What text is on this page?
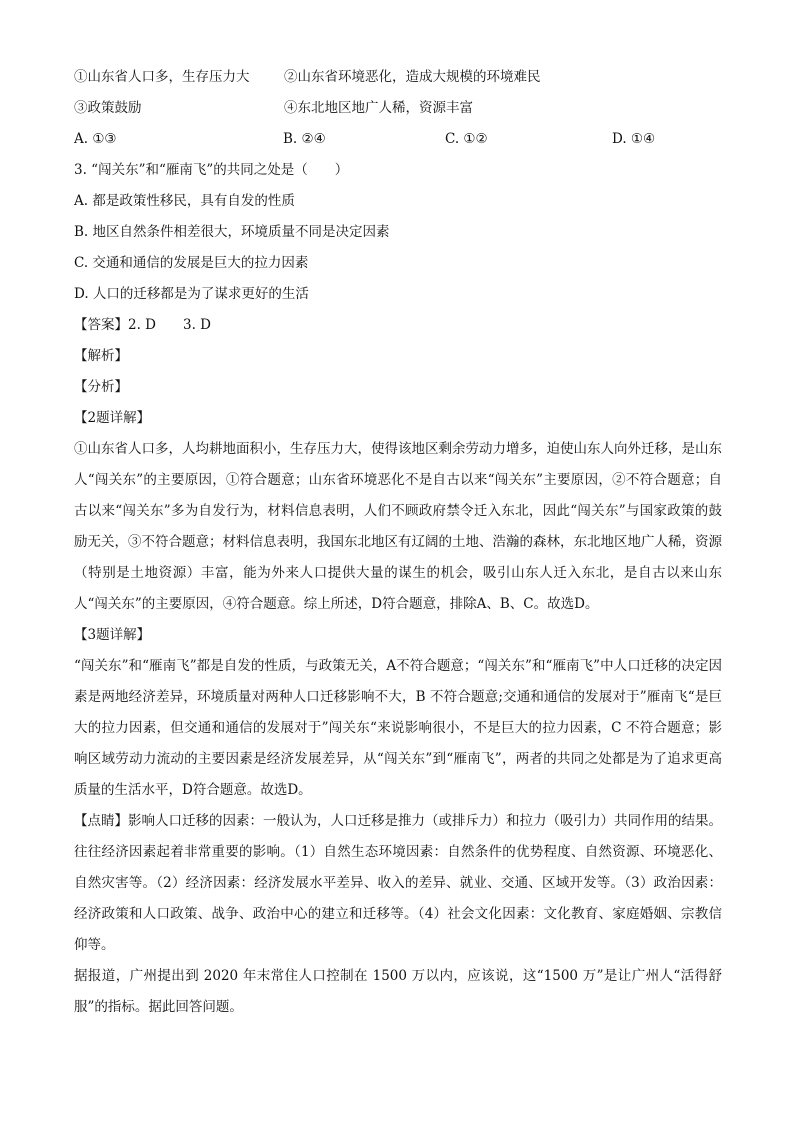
①山东省人口多，生存压力大	②山东省环境恶化，造成大规模的环境难民
③政策鼓励	④东北地区地广人稀，资源丰富
A. ①③	B. ②④	C. ①②	D. ①④
3. “闯关东”和“雁南飞”的共同之处是（　　）
A. 都是政策性移民，具有自发的性质
B. 地区自然条件相差很大，环境质量不同是决定因素
C. 交通和通信的发展是巨大的拉力因素
D. 人口的迁移都是为了谋求更好的生活
【答案】2. D　　3. D
【解析】
【分析】
【2题详解】
①山东省人口多，人均耕地面积小，生存压力大，使得该地区剩余劳动力增多，迫使山东人向外迁移，是山东人“闯关东”的主要原因，①符合题意；山东省环境恶化不是自古以来“闯关东”主要原因，②不符合题意；自古以来“闯关东”多为自发行为，材料信息表明，人们不顾政府禁令迁入东北，因此“闯关东”与国家政策的鼓励无关，③不符合题意；材料信息表明，我国东北地区有辽阔的土地、浩瀚的森林，东北地区地广人稀，资源（特别是土地资源）丰富，能为外来人口提供大量的谋生的机会，吸引山东人迁入东北，是自古以来山东人“闯关东”的主要原因，④符合题意。综上所述，D符合题意，排除A、B、C。故选D。
【3题详解】
“闯关东”和“雁南飞”都是自发的性质，与政策无关，A不符合题意；“闯关东”和“雁南飞”中人口迁移的决定因素是两地经济差异，环境质量对两种人口迁移影响不大，B 不符合题意;交通和通信的发展对于”雁南飞“是巨大的拉力因素，但交通和通信的发展对于”闯关东“来说影响很小，不是巨大的拉力因素，C 不符合题意；影响区域劳动力流动的主要因素是经济发展差异，从“闯关东”到“雁南飞”，两者的共同之处都是为了追求更高质量的生活水平，D符合题意。故选D。
【点睛】影响人口迁移的因素：一般认为，人口迁移是推力（或排斥力）和拉力（吸引力）共同作用的结果。往往经济因素起着非常重要的影响。（1）自然生态环境因素：自然条件的优势程度、自然资源、环境恶化、自然灾害等。（2）经济因素：经济发展水平差异、收入的差异、就业、交通、区域开发等。（3）政治因素：经济政策和人口政策、战争、政治中心的建立和迁移等。（4）社会文化因素：文化教育、家庭婚姻、宗教信仰等。
据报道，广州提出到 2020 年末常住人口控制在 1500 万以内，应该说，这“1500 万”是让广州人“活得舒服”的指标。据此回答问题。
